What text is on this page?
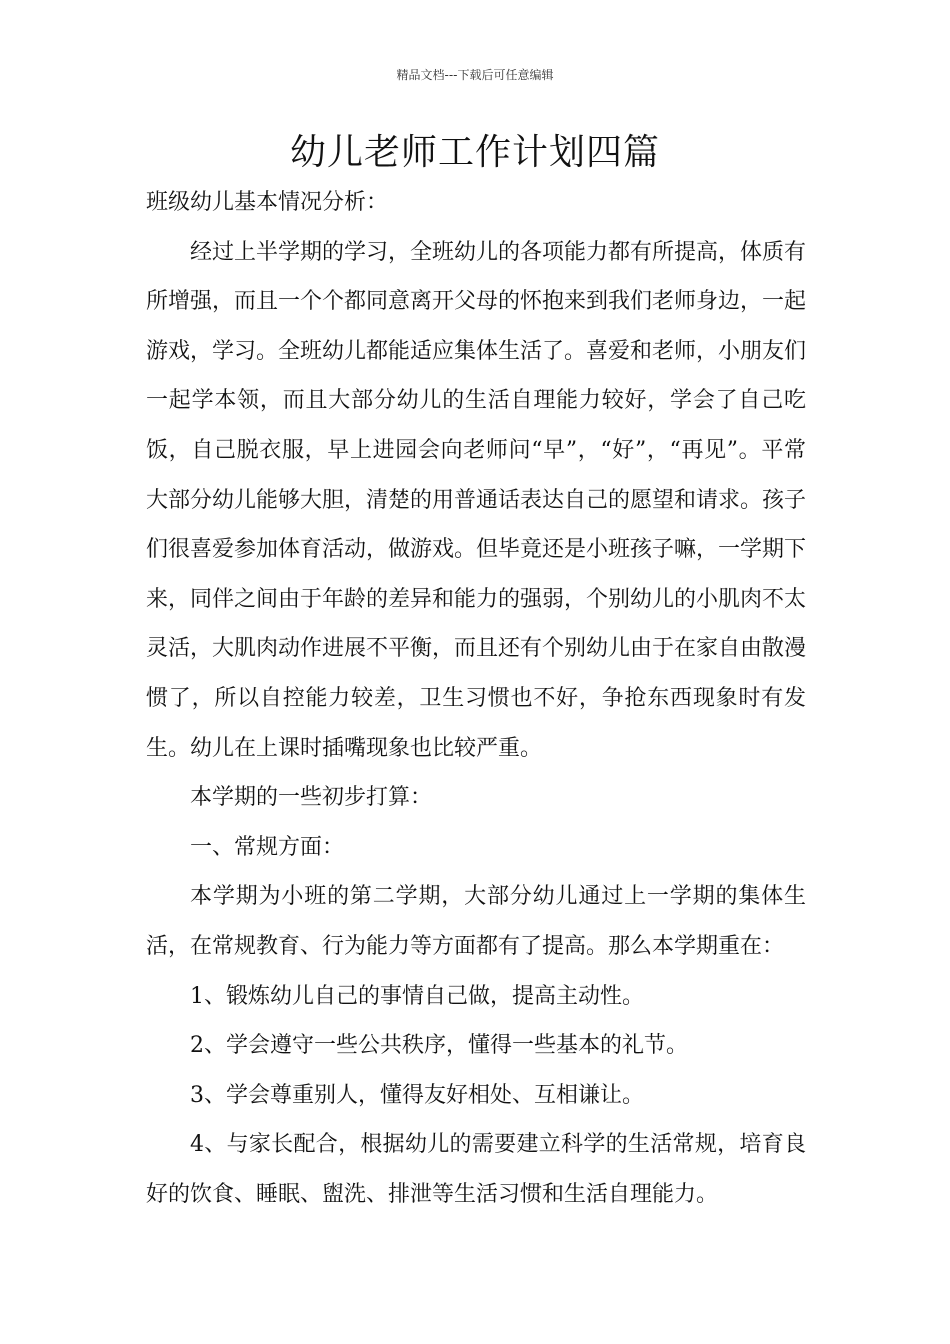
精品文档---下载后可任意编辑
幼儿老师工作计划四篇

班级幼儿基本情况分析：

经过上半学期的学习，全班幼儿的各项能力都有所提高，体质有所增强，而且一个个都同意离开父母的怀抱来到我们老师身边，一起游戏，学习。全班幼儿都能适应集体生活了。喜爱和老师，小朋友们一起学本领，而且大部分幼儿的生活自理能力较好，学会了自己吃饭，自己脱衣服，早上进园会向老师问“早”，“好”，“再见”。平常大部分幼儿能够大胆，清楚的用普通话表达自己的愿望和请求。孩子们很喜爱参加体育活动，做游戏。但毕竟还是小班孩子嘛，一学期下来，同伴之间由于年龄的差异和能力的强弱，个别幼儿的小肌肉不太灵活，大肌肉动作进展不平衡，而且还有个别幼儿由于在家自由散漫惯了，所以自控能力较差，卫生习惯也不好，争抢东西现象时有发生。幼儿在上课时插嘴现象也比较严重。

本学期的一些初步打算：

一、常规方面：

本学期为小班的第二学期，大部分幼儿通过上一学期的集体生活，在常规教育、行为能力等方面都有了提高。那么本学期重在：

1、锻炼幼儿自己的事情自己做，提高主动性。

2、学会遵守一些公共秩序，懂得一些基本的礼节。

3、学会尊重别人，懂得友好相处、互相谦让。

4、与家长配合，根据幼儿的需要建立科学的生活常规，培育良好的饮食、睡眠、盥洗、排泄等生活习惯和生活自理能力。
